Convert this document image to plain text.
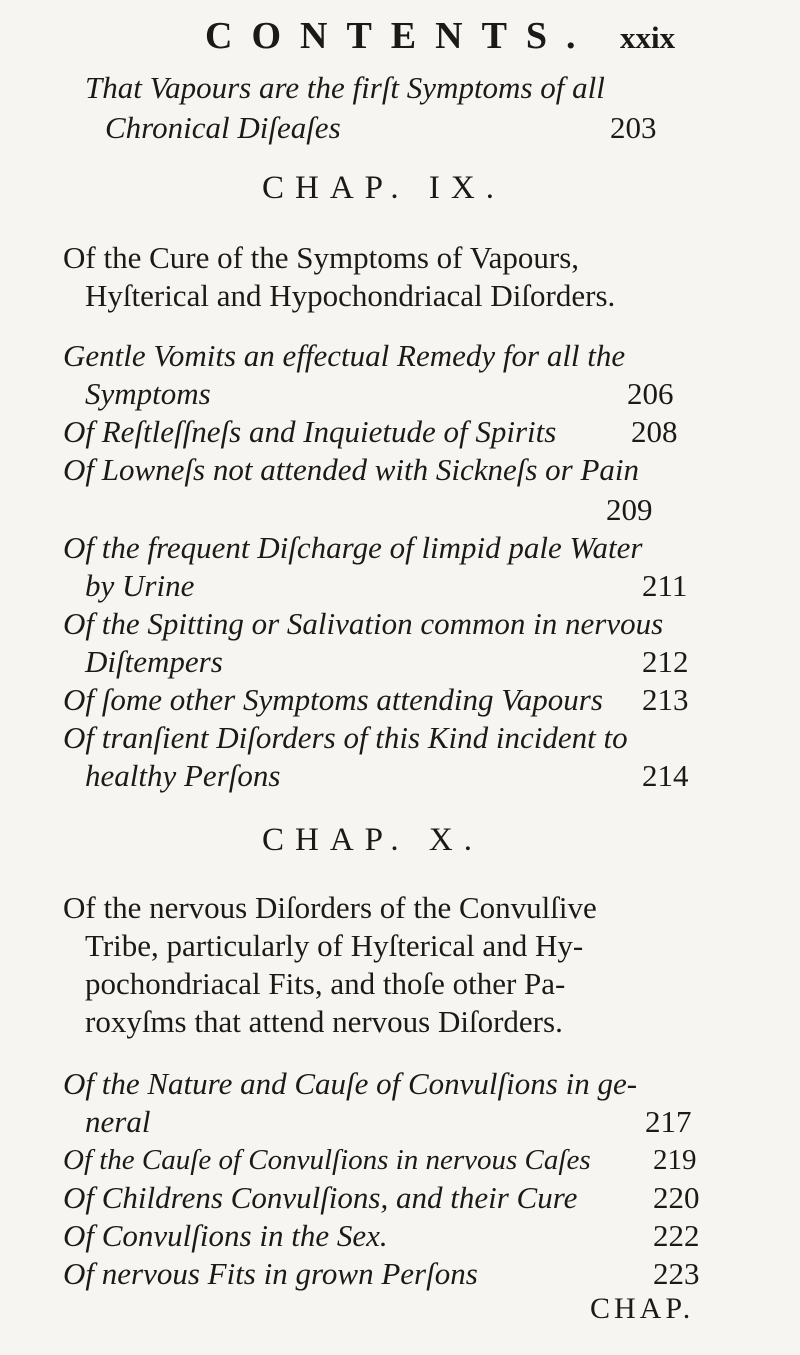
CONTENTS. xxix
That Vapours are the firſt Symptoms of all
Chronical Diſeaſes	203
CHAP. IX.
Of the Cure of the Symptoms of Vapours,
Hyſterical and Hypochondriacal Diſorders.
Gentle Vomits an effectual Remedy for all the
Symptoms	206
Of Reſtleſſneſs and Inquietude of Spirits 208
Of Lowneſs not attended with Sickneſs or Pain
209
Of the frequent Diſcharge of limpid pale Water
by Urine	211
Of the Spitting or Salivation common in nervous
Diſtempers	212
Of ſome other Symptoms attending Vapours 213
Of tranſient Diſorders of this Kind incident to
healthy Perſons	214
CHAP. X.
Of the nervous Diſorders of the Convulſive
Tribe, particularly of Hyſterical and Hy-
pochondriacal Fits, and thoſe other Pa-
roxyſms that attend nervous Diſorders.
Of the Nature and Cauſe of Convulſions in ge-
neral	217
Of the Cauſe of Convulſions in nervous Caſes 219
Of Childrens Convulſions, and their Cure 220
Of Convulſions in the Sex.	222
Of nervous Fits in grown Perſons	223
CHAP.
